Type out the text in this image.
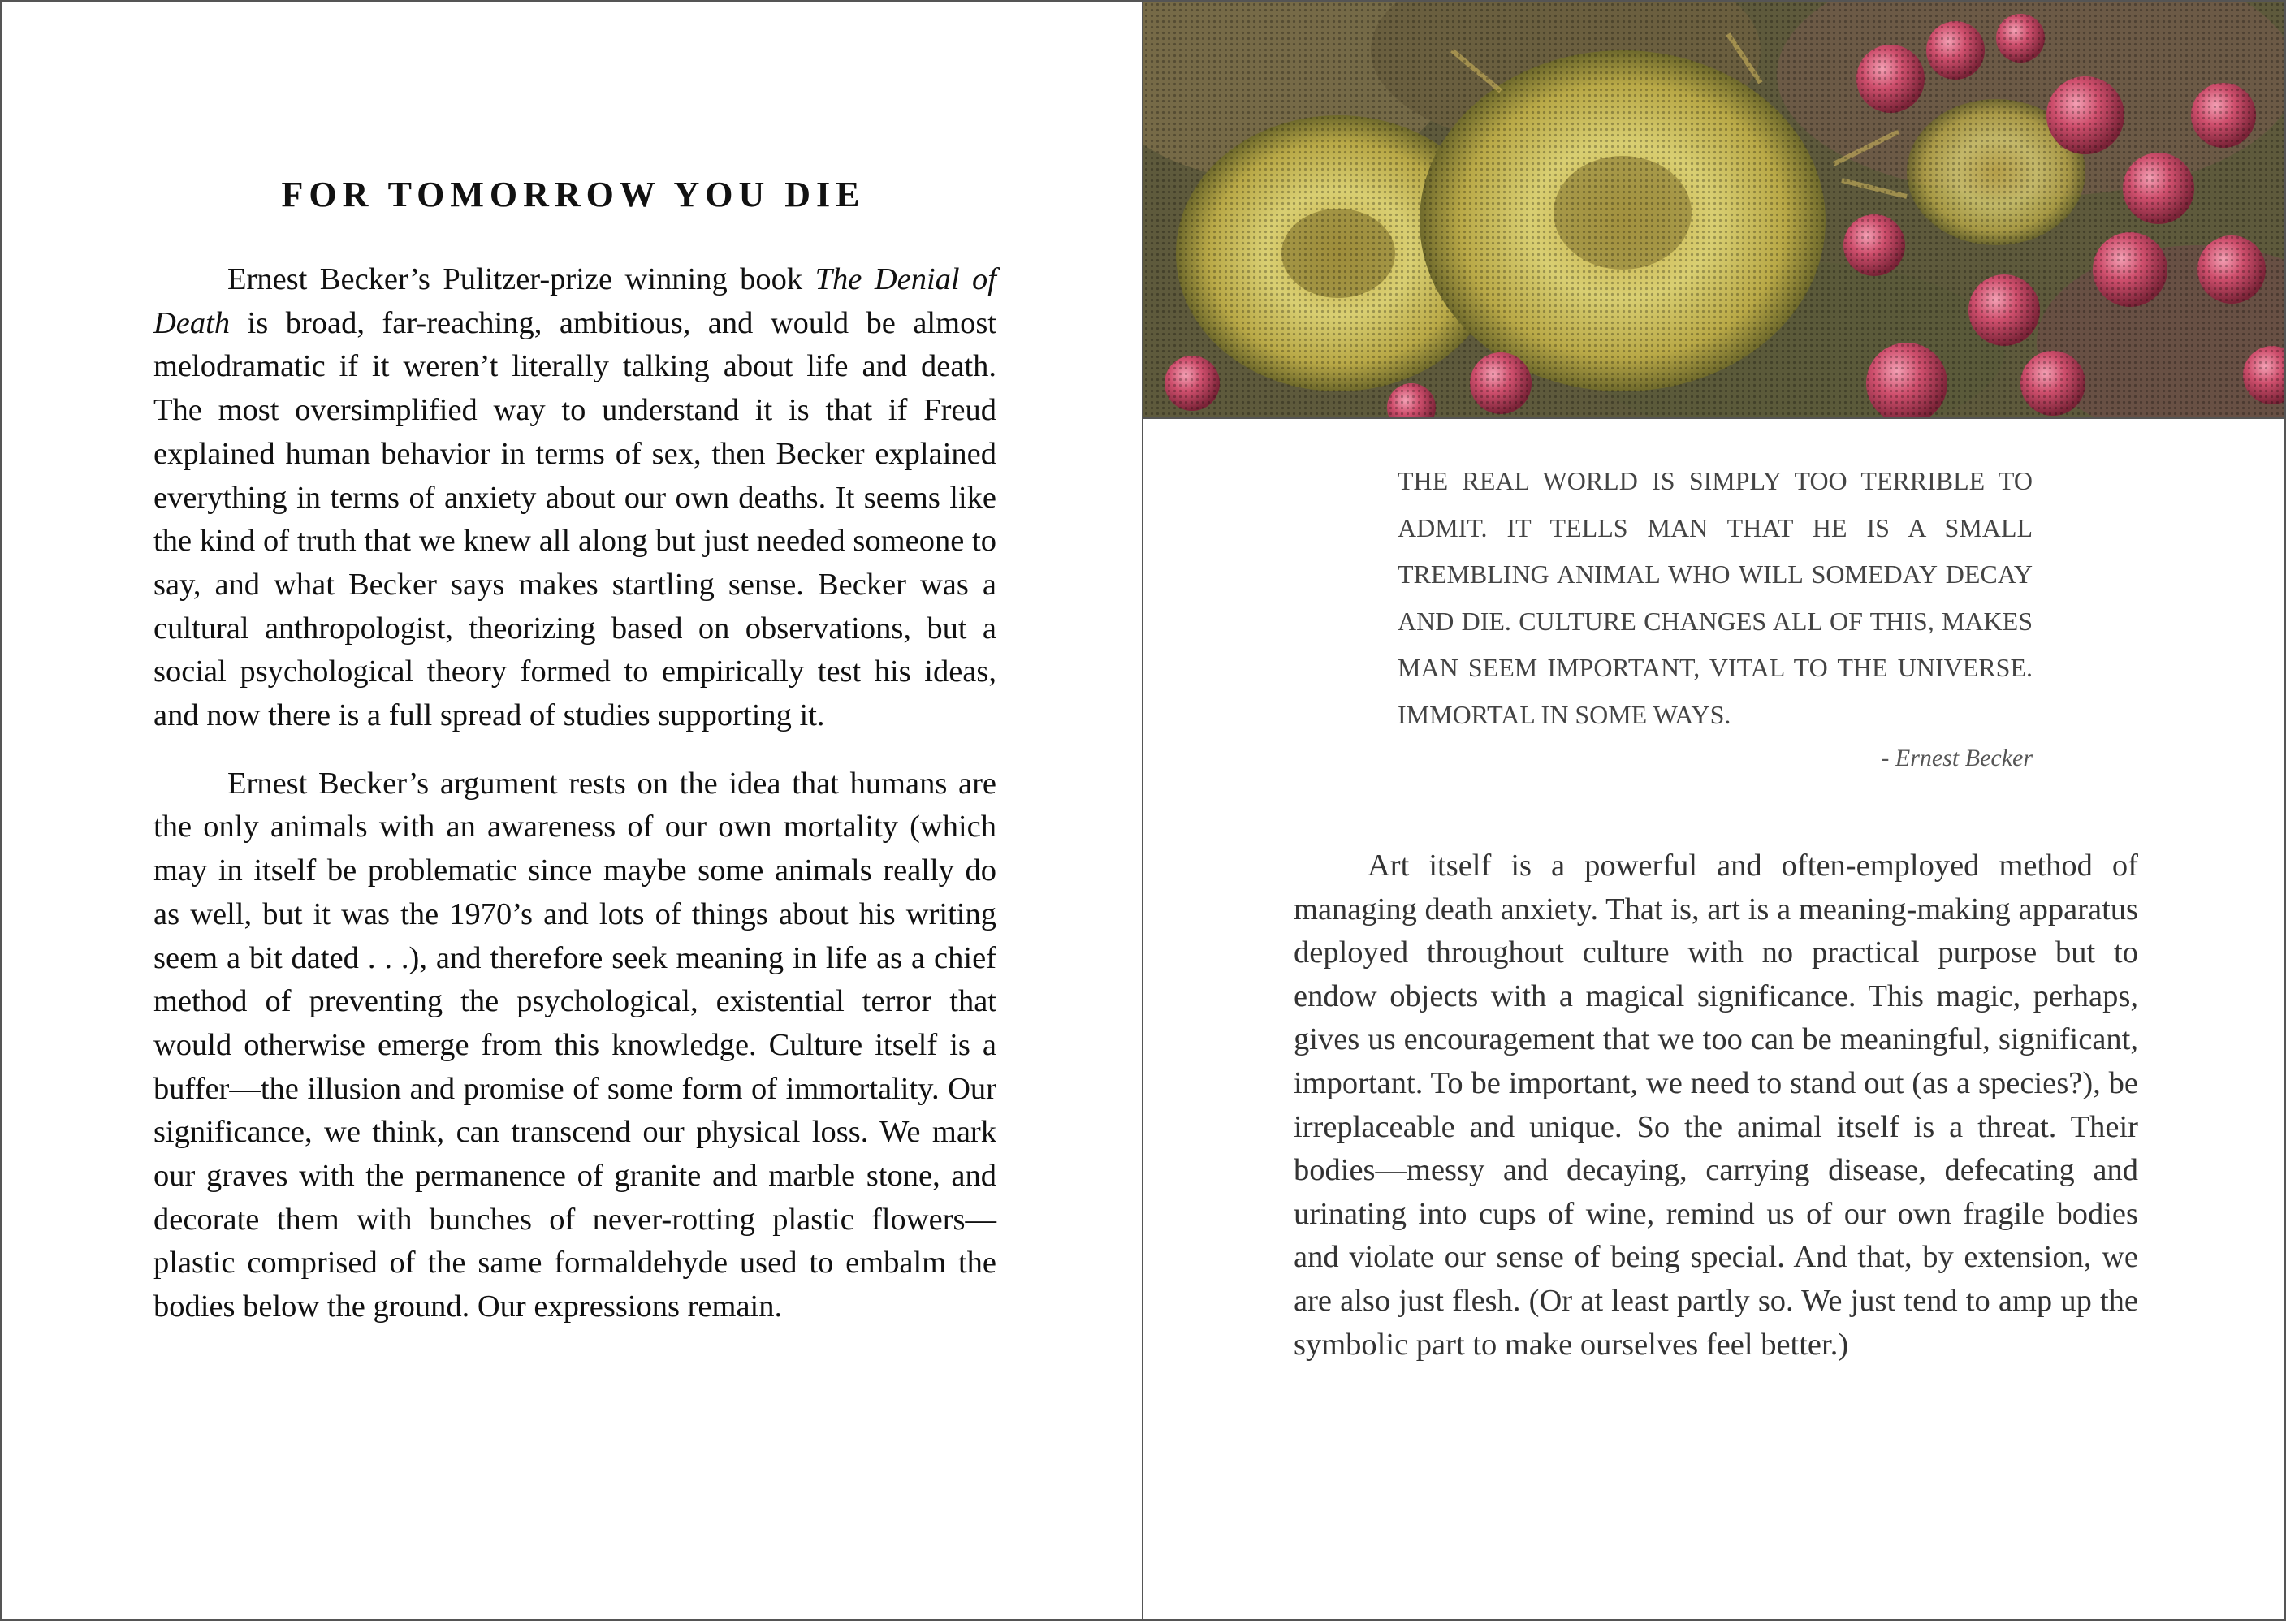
FOR TOMORROW YOU DIE

Ernest Becker’s Pulitzer-prize winning book The Denial of Death is broad, far-reaching, ambitious, and would be almost melodramatic if it weren’t literally talking about life and death. The most oversimplified way to understand it is that if Freud explained human behavior in terms of sex, then Becker explained everything in terms of anxiety about our own deaths. It seems like the kind of truth that we knew all along but just needed someone to say, and what Becker says makes startling sense. Becker was a cultural anthropologist, theorizing based on observations, but a social psychological theory formed to empirically test his ideas, and now there is a full spread of studies supporting it.

Ernest Becker’s argument rests on the idea that humans are the only animals with an awareness of our own mortality (which may in itself be problematic since maybe some animals really do as well, but it was the 1970’s and lots of things about his writing seem a bit dated . . .), and therefore seek meaning in life as a chief method of preventing the psychological, existential terror that would otherwise emerge from this knowledge. Culture itself is a buffer—the illusion and promise of some form of immortality. Our significance, we think, can transcend our physical loss. We mark our graves with the permanence of granite and marble stone, and decorate them with bunches of never-rotting plastic flowers—plastic comprised of the same formaldehyde used to embalm the bodies below the ground. Our expressions remain.

THE REAL WORLD IS SIMPLY TOO TERRIBLE TO ADMIT. IT TELLS MAN THAT HE IS A SMALL TREMBLING ANIMAL WHO WILL SOMEDAY DECAY AND DIE. CULTURE CHANGES ALL OF THIS, MAKES MAN SEEM IMPORTANT, VITAL TO THE UNIVERSE. IMMORTAL IN SOME WAYS.

- Ernest Becker

Art itself is a powerful and often-employed method of managing death anxiety. That is, art is a meaning-making apparatus deployed throughout culture with no practical purpose but to endow objects with a magical significance. This magic, perhaps, gives us encouragement that we too can be meaningful, significant, important. To be important, we need to stand out (as a species?), be irreplaceable and unique. So the animal itself is a threat. Their bodies—messy and decaying, carrying disease, defecating and urinating into cups of wine, remind us of our own fragile bodies and violate our sense of being special. And that, by extension, we are also just flesh. (Or at least partly so. We just tend to amp up the symbolic part to make ourselves feel better.)
